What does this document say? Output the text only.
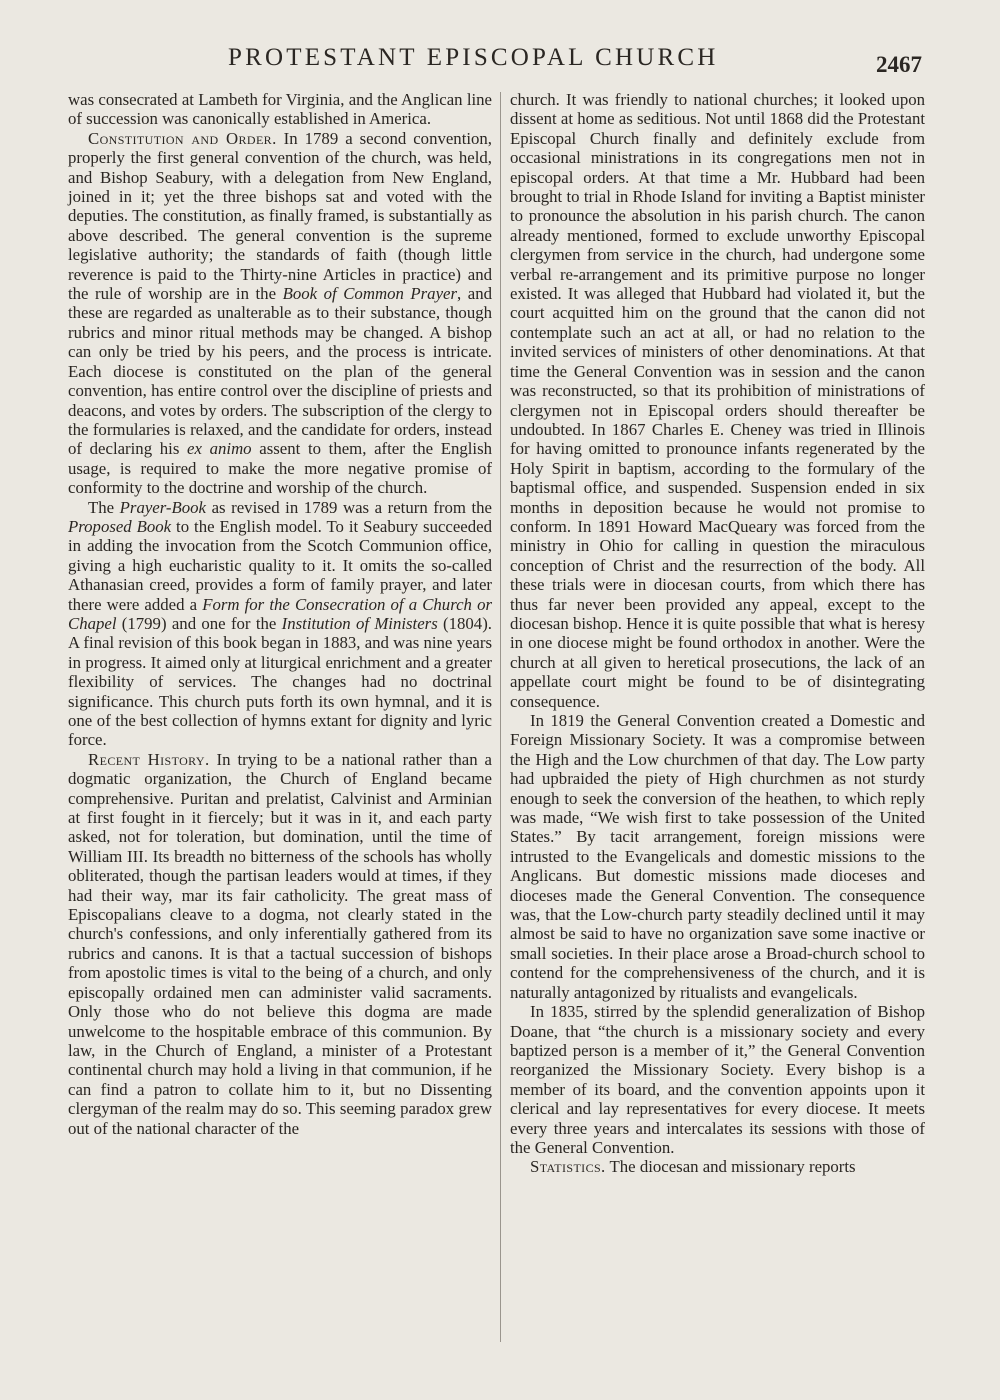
PROTESTANT EPISCOPAL CHURCH	2467

was consecrated at Lambeth for Virginia, and the Anglican line of succession was canonically established in America.

Constitution and Order. In 1789 a second convention, properly the first general convention of the church, was held, and Bishop Seabury, with a delegation from New England, joined in it; yet the three bishops sat and voted with the deputies. The constitution, as finally framed, is substantially as above described. The general convention is the supreme legislative authority; the standards of faith (though little reverence is paid to the Thirty-nine Articles in practice) and the rule of worship are in the Book of Common Prayer, and these are regarded as unalterable as to their substance, though rubrics and minor ritual methods may be changed. A bishop can only be tried by his peers, and the process is intricate. Each diocese is constituted on the plan of the general convention, has entire control over the discipline of priests and deacons, and votes by orders. The subscription of the clergy to the formularies is relaxed, and the candidate for orders, instead of declaring his ex animo assent to them, after the English usage, is required to make the more negative promise of conformity to the doctrine and worship of the church.

The Prayer-Book as revised in 1789 was a return from the Proposed Book to the English model. To it Seabury succeeded in adding the invocation from the Scotch Communion office, giving a high eucharistic quality to it. It omits the so-called Athanasian creed, provides a form of family prayer, and later there were added a Form for the Consecration of a Church or Chapel (1799) and one for the Institution of Ministers (1804). A final revision of this book began in 1883, and was nine years in progress. It aimed only at liturgical enrichment and a greater flexibility of services. The changes had no doctrinal significance. This church puts forth its own hymnal, and it is one of the best collection of hymns extant for dignity and lyric force.

Recent History. In trying to be a national rather than a dogmatic organization, the Church of England became comprehensive. Puritan and prelatist, Calvinist and Arminian at first fought in it fiercely; but it was in it, and each party asked, not for toleration, but domination, until the time of William III. Its breadth no bitterness of the schools has wholly obliterated, though the partisan leaders would at times, if they had their way, mar its fair catholicity. The great mass of Episcopalians cleave to a dogma, not clearly stated in the church's confessions, and only inferentially gathered from its rubrics and canons. It is that a tactual succession of bishops from apostolic times is vital to the being of a church, and only episcopally ordained men can administer valid sacraments. Only those who do not believe this dogma are made unwelcome to the hospitable embrace of this communion. By law, in the Church of England, a minister of a Protestant continental church may hold a living in that communion, if he can find a patron to collate him to it, but no Dissenting clergyman of the realm may do so. This seeming paradox grew out of the national character of the

church. It was friendly to national churches; it looked upon dissent at home as seditious. Not until 1868 did the Protestant Episcopal Church finally and definitely exclude from occasional ministrations in its congregations men not in episcopal orders. At that time a Mr. Hubbard had been brought to trial in Rhode Island for inviting a Baptist minister to pronounce the absolution in his parish church. The canon already mentioned, formed to exclude unworthy Episcopal clergymen from service in the church, had undergone some verbal re-arrangement and its primitive purpose no longer existed. It was alleged that Hubbard had violated it, but the court acquitted him on the ground that the canon did not contemplate such an act at all, or had no relation to the invited services of ministers of other denominations. At that time the General Convention was in session and the canon was reconstructed, so that its prohibition of ministrations of clergymen not in Episcopal orders should thereafter be undoubted. In 1867 Charles E. Cheney was tried in Illinois for having omitted to pronounce infants regenerated by the Holy Spirit in baptism, according to the formulary of the baptismal office, and suspended. Suspension ended in six months in deposition because he would not promise to conform. In 1891 Howard MacQueary was forced from the ministry in Ohio for calling in question the miraculous conception of Christ and the resurrection of the body. All these trials were in diocesan courts, from which there has thus far never been provided any appeal, except to the diocesan bishop. Hence it is quite possible that what is heresy in one diocese might be found orthodox in another. Were the church at all given to heretical prosecutions, the lack of an appellate court might be found to be of disintegrating consequence.

In 1819 the General Convention created a Domestic and Foreign Missionary Society. It was a compromise between the High and the Low churchmen of that day. The Low party had upbraided the piety of High churchmen as not sturdy enough to seek the conversion of the heathen, to which reply was made, “We wish first to take possession of the United States.” By tacit arrangement, foreign missions were intrusted to the Evangelicals and domestic missions to the Anglicans. But domestic missions made dioceses and dioceses made the General Convention. The consequence was, that the Low-church party steadily declined until it may almost be said to have no organization save some inactive or small societies. In their place arose a Broad-church school to contend for the comprehensiveness of the church, and it is naturally antagonized by ritualists and evangelicals.

In 1835, stirred by the splendid generalization of Bishop Doane, that “the church is a missionary society and every baptized person is a member of it,” the General Convention reorganized the Missionary Society. Every bishop is a member of its board, and the convention appoints upon it clerical and lay representatives for every diocese. It meets every three years and intercalates its sessions with those of the General Convention.

Statistics. The diocesan and missionary reports
